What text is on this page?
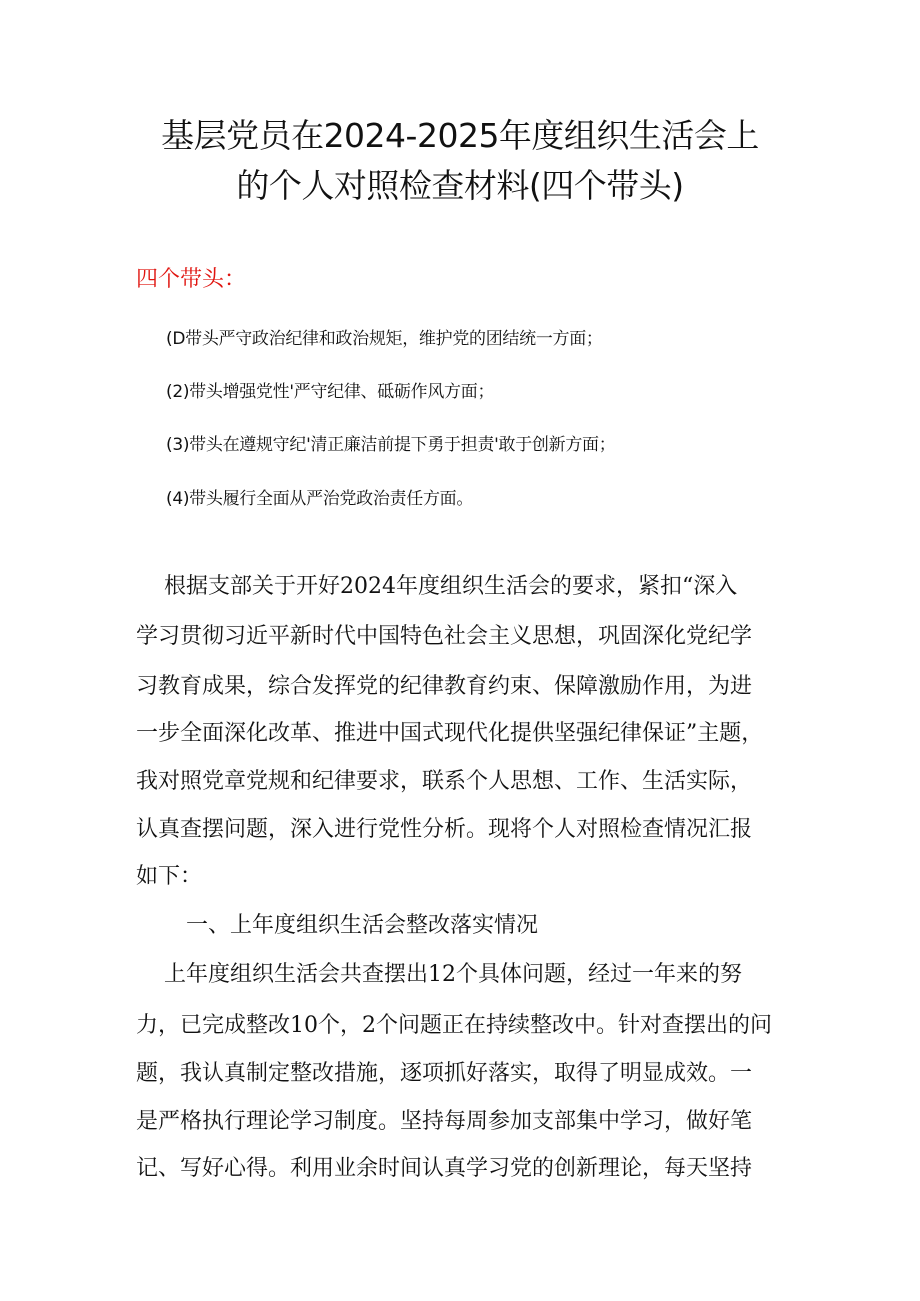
基层党员在2024-2025年度组织生活会上
的个人对照检查材料(四个带头)
四个带头：
(D带头严守政治纪律和政治规矩，维护党的团结统一方面；
(2)带头增强党性'严守纪律、砥砺作风方面；
(3)带头在遵规守纪'清正廉洁前提下勇于担责'敢于创新方面；
(4)带头履行全面从严治党政治责任方面。
根据支部关于开好2024年度组织生活会的要求，紧扣“深入
学习贯彻习近平新时代中国特色社会主义思想，巩固深化党纪学
习教育成果，综合发挥党的纪律教育约束、保障激励作用，为进
一步全面深化改革、推进中国式现代化提供坚强纪律保证”主题，
我对照党章党规和纪律要求，联系个人思想、工作、生活实际，
认真查摆问题，深入进行党性分析。现将个人对照检查情况汇报
如下：
一、上年度组织生活会整改落实情况
上年度组织生活会共查摆出12个具体问题，经过一年来的努
力，已完成整改10个，2个问题正在持续整改中。针对查摆出的问
题，我认真制定整改措施，逐项抓好落实，取得了明显成效。一
是严格执行理论学习制度。坚持每周参加支部集中学习，做好笔
记、写好心得。利用业余时间认真学习党的创新理论，每天坚持
